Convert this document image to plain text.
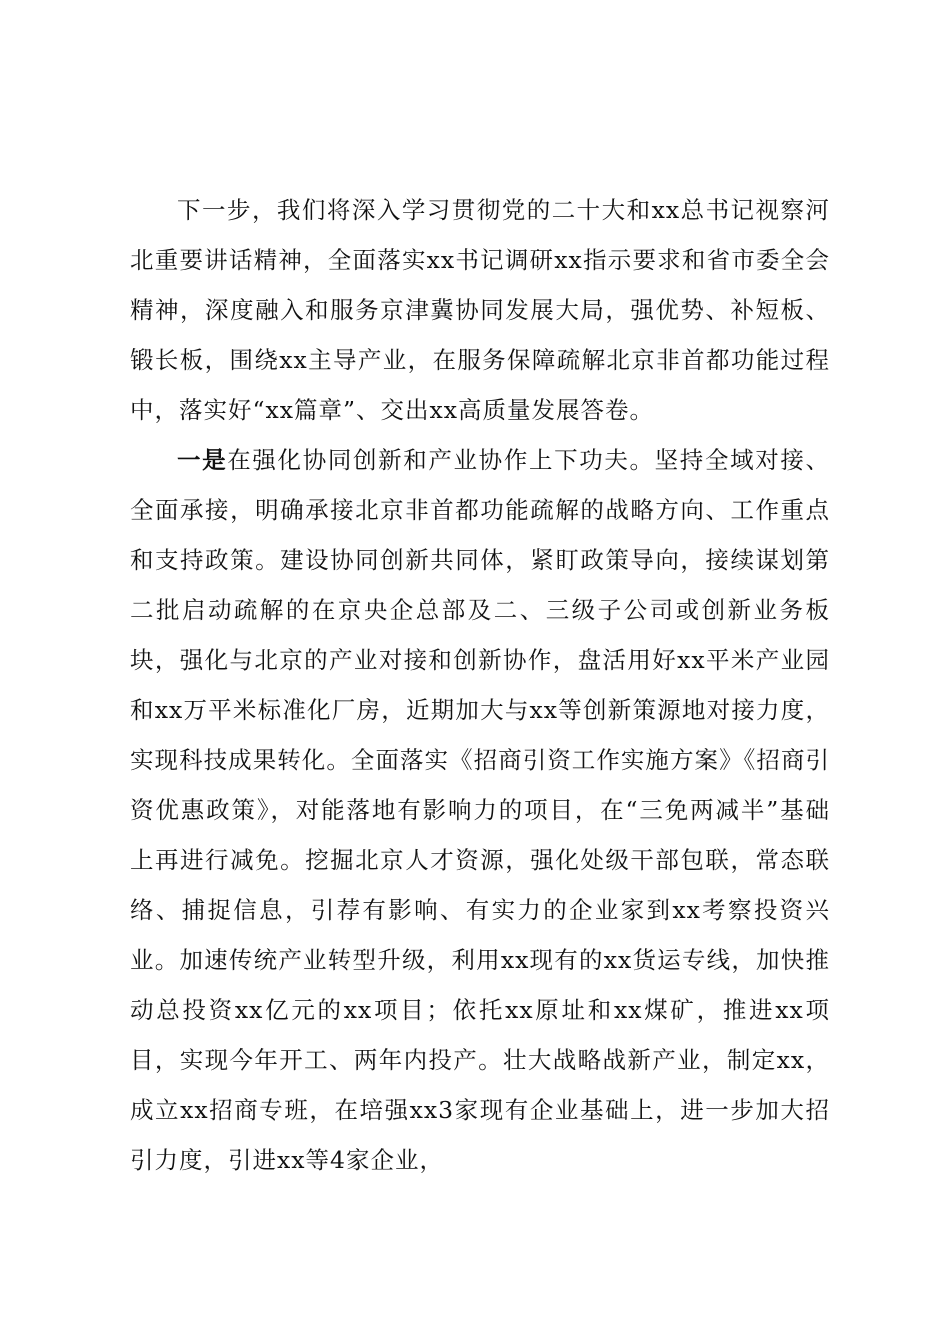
下一步，我们将深入学习贯彻党的二十大和xx总书记视察河北重要讲话精神，全面落实xx书记调研xx指示要求和省市委全会精神，深度融入和服务京津冀协同发展大局，强优势、补短板、锻长板，围绕xx主导产业，在服务保障疏解北京非首都功能过程中，落实好“xx篇章”、交出xx高质量发展答卷。

一是在强化协同创新和产业协作上下功夫。坚持全域对接、全面承接，明确承接北京非首都功能疏解的战略方向、工作重点和支持政策。建设协同创新共同体，紧盯政策导向，接续谋划第二批启动疏解的在京央企总部及二、三级子公司或创新业务板块，强化与北京的产业对接和创新协作，盘活用好xx平米产业园和xx万平米标准化厂房，近期加大与xx等创新策源地对接力度，实现科技成果转化。全面落实《招商引资工作实施方案》《招商引资优惠政策》，对能落地有影响力的项目，在“三免两减半”基础上再进行减免。挖掘北京人才资源，强化处级干部包联，常态联络、捕捉信息，引荐有影响、有实力的企业家到xx考察投资兴业。加速传统产业转型升级，利用xx现有的xx货运专线，加快推动总投资xx亿元的xx项目；依托xx原址和xx煤矿，推进xx项目，实现今年开工、两年内投产。壮大战略战新产业，制定xx，成立xx招商专班，在培强xx3家现有企业基础上，进一步加大招引力度，引进xx等4家企业，
